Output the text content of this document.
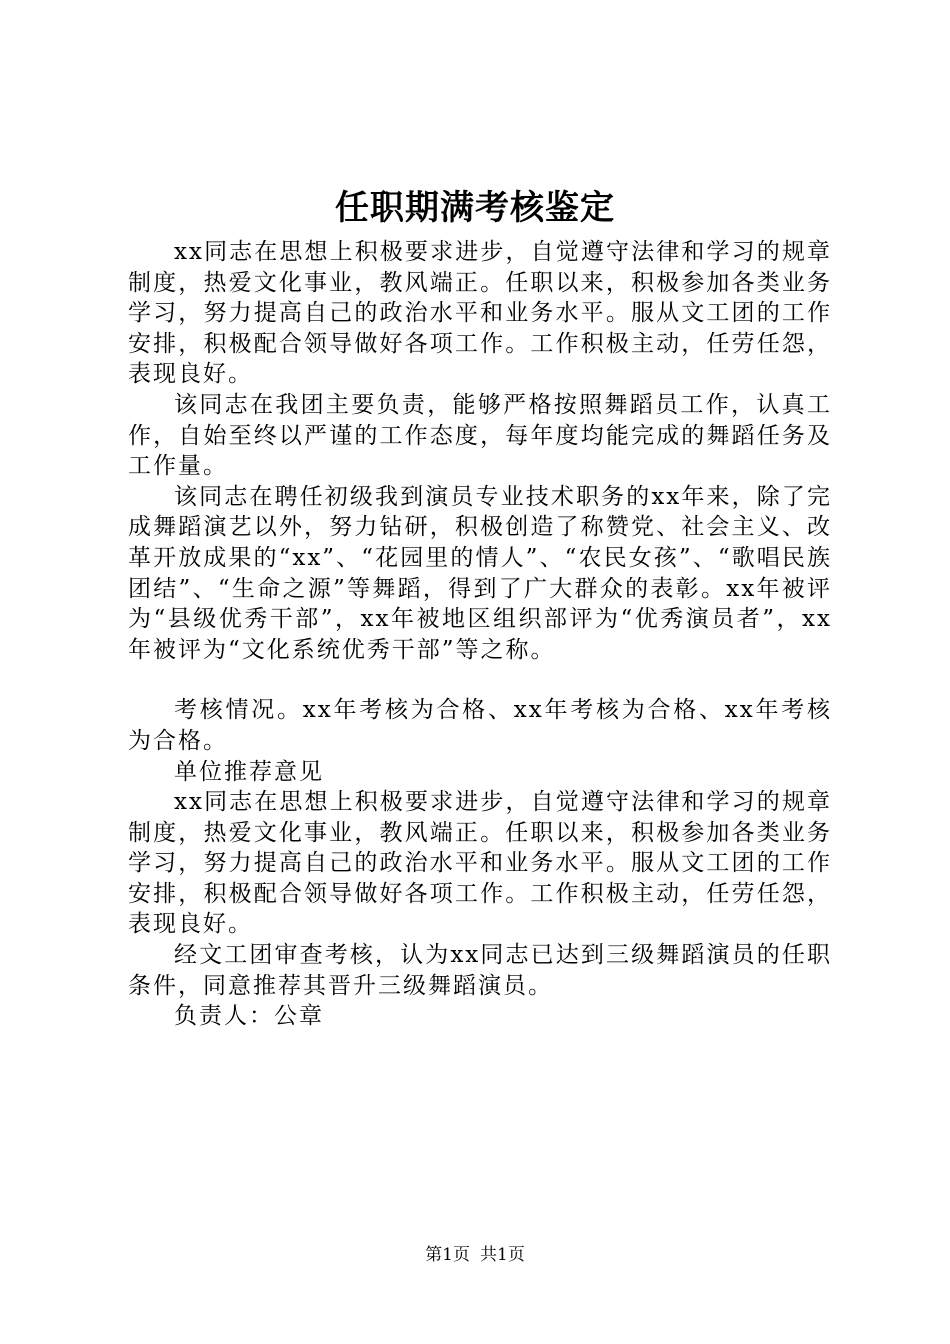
任职期满考核鉴定

xx同志在思想上积极要求进步，自觉遵守法律和学习的规章制度，热爱文化事业，教风端正。任职以来，积极参加各类业务学习，努力提高自己的政治水平和业务水平。服从文工团的工作安排，积极配合领导做好各项工作。工作积极主动，任劳任怨，表现良好。

该同志在我团主要负责，能够严格按照舞蹈员工作，认真工作，自始至终以严谨的工作态度，每年度均能完成的舞蹈任务及工作量。

该同志在聘任初级我到演员专业技术职务的xx年来，除了完成舞蹈演艺以外，努力钻研，积极创造了称赞党、社会主义、改革开放成果的“xx”、“花园里的情人”、“农民女孩”、“歌唱民族团结”、“生命之源”等舞蹈，得到了广大群众的表彰。xx年被评为“县级优秀干部”，xx年被地区组织部评为“优秀演员者”，xx年被评为“文化系统优秀干部”等之称。

考核情况。xx年考核为合格、xx年考核为合格、xx年考核为合格。

单位推荐意见

xx同志在思想上积极要求进步，自觉遵守法律和学习的规章制度，热爱文化事业，教风端正。任职以来，积极参加各类业务学习，努力提高自己的政治水平和业务水平。服从文工团的工作安排，积极配合领导做好各项工作。工作积极主动，任劳任怨，表现良好。

经文工团审查考核，认为xx同志已达到三级舞蹈演员的任职条件，同意推荐其晋升三级舞蹈演员。

负责人：公章

第1页 共1页
